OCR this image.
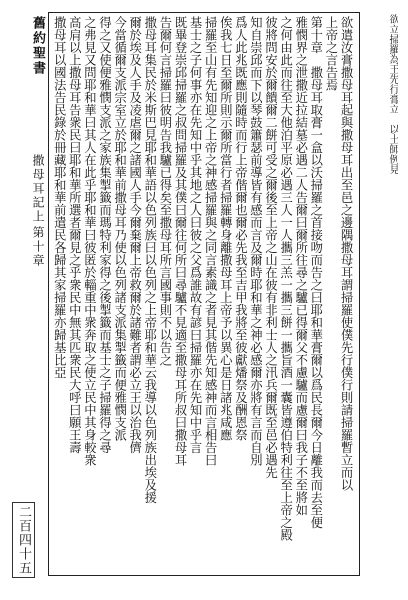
舊約聖書
撒母耳記上
第十章
二百四十五
欲遣汝膏撒母耳起與撒母耳出至邑之邊隅撒母耳謂掃羅使僕先行僕行則請掃羅暫立而以
上帝之言告焉
第十章　撒母耳取膏一盒以沃掃羅之首接吻而告之曰耶和華膏爾以爲民長爾今日離我而去至便
雅憫界之泄撒近拉結墓必遇二人告爾曰爾所往尋之驢已得爾父不慮驢而慮爾曰我子不至將如
之何由此而往至大他泊平原必遇三人一人攜三羔一攜三餅一攜旨酒一囊皆遵伯特利往至上帝之殿
彼將問安於爾饋爾二餅可受之爾後至上帝之山在彼有非利士人之汛兵爾既至邑必遇先
知自崇邱而下以琴鼓簫瑟前導皆有感而言及爾時耶和華之神必感爾亦將有言而自別
爲人此兆既應則隨時而行上帝偕爾也爾必先我至吉甲我將至彼獻燔祭及酬恩祭
俟我七日至爾所則示爾所當行者掃羅轉身離撒母耳上帝予以異心是日諸兆咸應
掃羅至山有先知迎之上帝之神感掃羅與之同言素識之者見其偕先知感神而言相告曰
基士之子何事亦在先知中乎其地之人曰彼之父爲誰故有諺曰掃羅亦在先知中乎言
既畢登崇邱掃羅之叔問掃羅及其僕曰爾往何所曰尋驢不見適至撒母耳所叔曰撒母耳
告爾何言掃羅曰彼明告我驢已得矣至撒母耳所言國事則不以告之
撒母耳集民於米斯巴見耶和華語以色列族曰以色列之上帝耶和華云我導以色列族出埃及援
爾於埃及人手及凌虐爾之諸國人手今爾棄爾上帝救爾於諸難者謂必立王以治我儕
今當循爾支派宗室立於耶和華前撒母耳乃使以色列諸支派集掣籤而便雅憫支派
得之又使便雅憫支派之家族集掣籤而瑪特利家得之後掣籤而基士之子掃羅得之尋
之弗見又問耶和華曰其人在此乎耶和華曰彼匿於輜重中衆奔取之使立民中其身較衆
高肩以上撒母耳告衆民曰耶和華所選者爾見之乎衆民中無其匹衆民大呼曰願王壽
撒母耳以國法告民錄於冊藏耶和華前遣民各歸其家掃羅亦歸基比亞	欲立掃羅為王先行膏立　以土師例見
